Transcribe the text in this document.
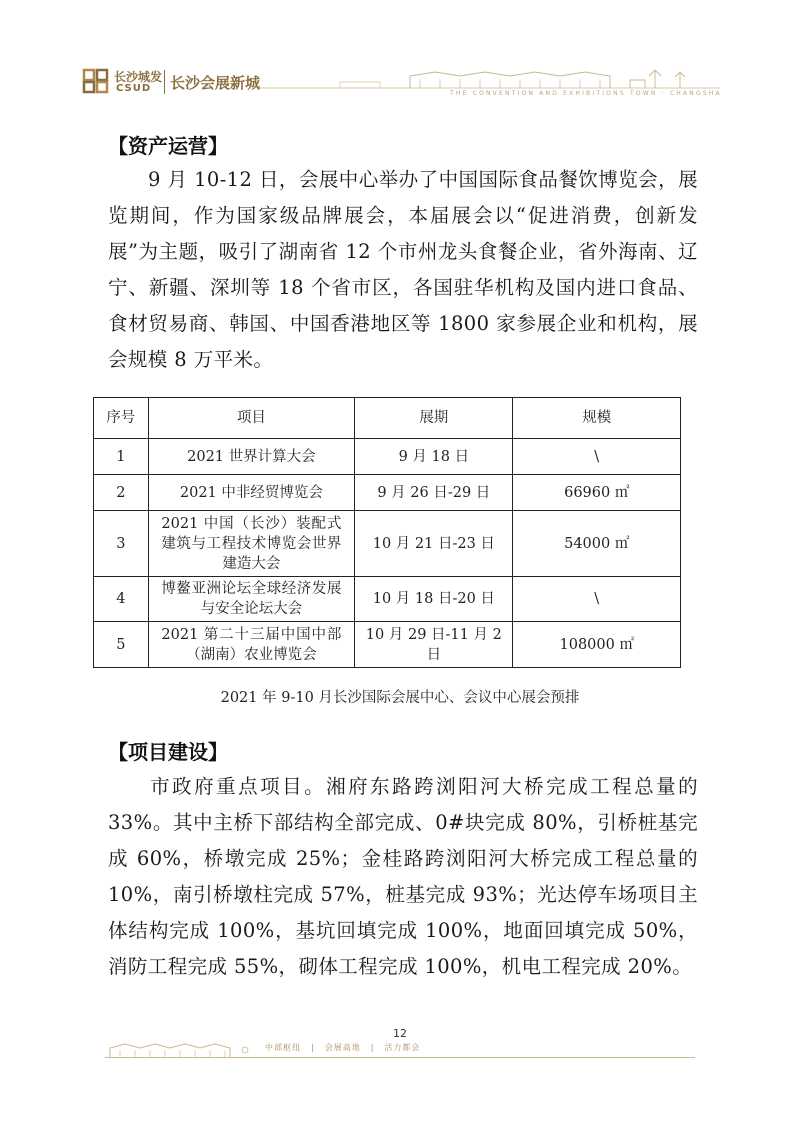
长沙城发
CSUD 长沙会展新城
THE CONVENTION AND EXHIBITIONS TOWN · CHANGSHA
【资产运营】
9 月 10-12 日，会展中心举办了中国国际食品餐饮博览会，展览期间，作为国家级品牌展会，本届展会以“促进消费，创新发展”为主题，吸引了湖南省 12 个市州龙头食餐企业，省外海南、辽宁、新疆、深圳等 18 个省市区，各国驻华机构及国内进口食品、食材贸易商、韩国、中国香港地区等 1800 家参展企业和机构，展会规模 8 万平米。
序号	项目	展期	规模
1	2021 世界计算大会	9 月 18 日	\
2	2021 中非经贸博览会	9 月 26 日-29 日	66960 ㎡
3	2021 中国（长沙）装配式建筑与工程技术博览会世界建造大会	10 月 21 日-23 日	54000 ㎡
4	博鳌亚洲论坛全球经济发展与安全论坛大会	10 月 18 日-20 日	\
5	2021 第二十三届中国中部（湖南）农业博览会	10 月 29 日-11 月 2 日	108000 ㎡
2021 年 9-10 月长沙国际会展中心、会议中心展会预排
【项目建设】
市政府重点项目。湘府东路跨浏阳河大桥完成工程总量的 33%。其中主桥下部结构全部完成、0#块完成 80%，引桥桩基完成 60%，桥墩完成 25%；金桂路跨浏阳河大桥完成工程总量的 10%，南引桥墩柱完成 57%，桩基完成 93%；光达停车场项目主体结构完成 100%，基坑回填完成 100%，地面回填完成 50%，消防工程完成 55%，砌体工程完成 100%，机电工程完成 20%。
12
中部枢纽 | 会展高地 | 活力都会
